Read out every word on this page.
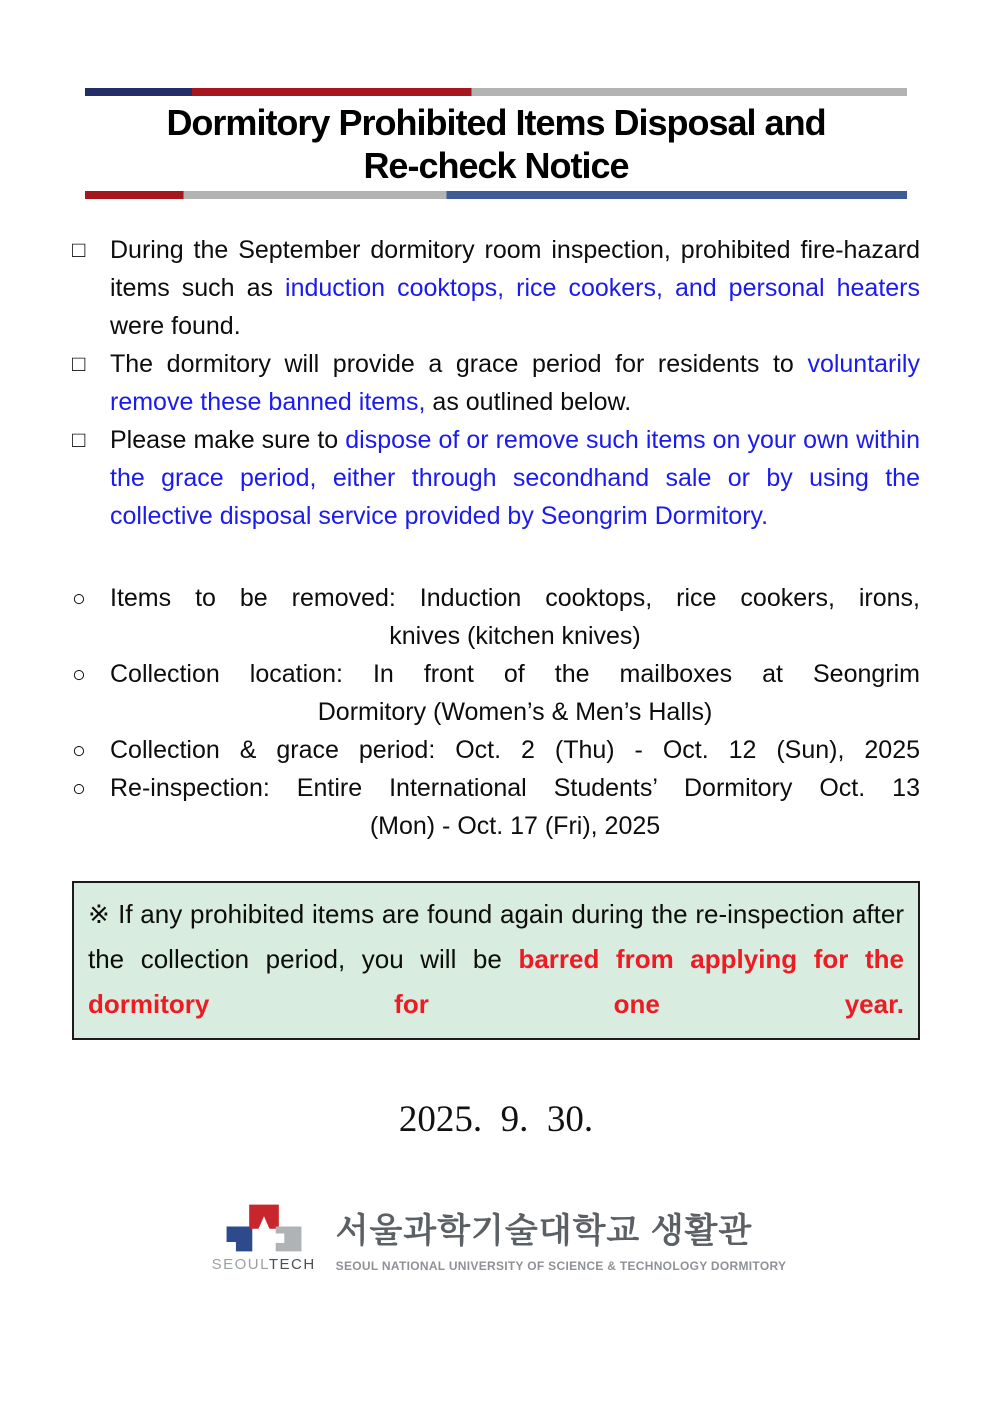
Dormitory Prohibited Items Disposal and
Re-check Notice
□ During the September dormitory room inspection, prohibited fire-hazard items such as induction cooktops, rice cookers, and personal heaters were found.
□ The dormitory will provide a grace period for residents to voluntarily remove these banned items, as outlined below.
□ Please make sure to dispose of or remove such items on your own within the grace period, either through secondhand sale or by using the collective disposal service provided by Seongrim Dormitory.
○ Items to be removed: Induction cooktops, rice cookers, irons,
knives (kitchen knives)
○ Collection location: In front of the mailboxes at Seongrim
Dormitory (Women’s & Men’s Halls)
○ Collection & grace period: Oct. 2 (Thu) - Oct. 12 (Sun), 2025
○ Re-inspection: Entire International Students’ Dormitory Oct. 13
(Mon) - Oct. 17 (Fri), 2025
※ If any prohibited items are found again during the re-inspection after the collection period, you will be barred from applying for the dormitory for one year.
2025.  9.  30.
SEOULTECH
서울과학기술대학교 생활관
SEOUL NATIONAL UNIVERSITY OF SCIENCE & TECHNOLOGY DORMITORY
